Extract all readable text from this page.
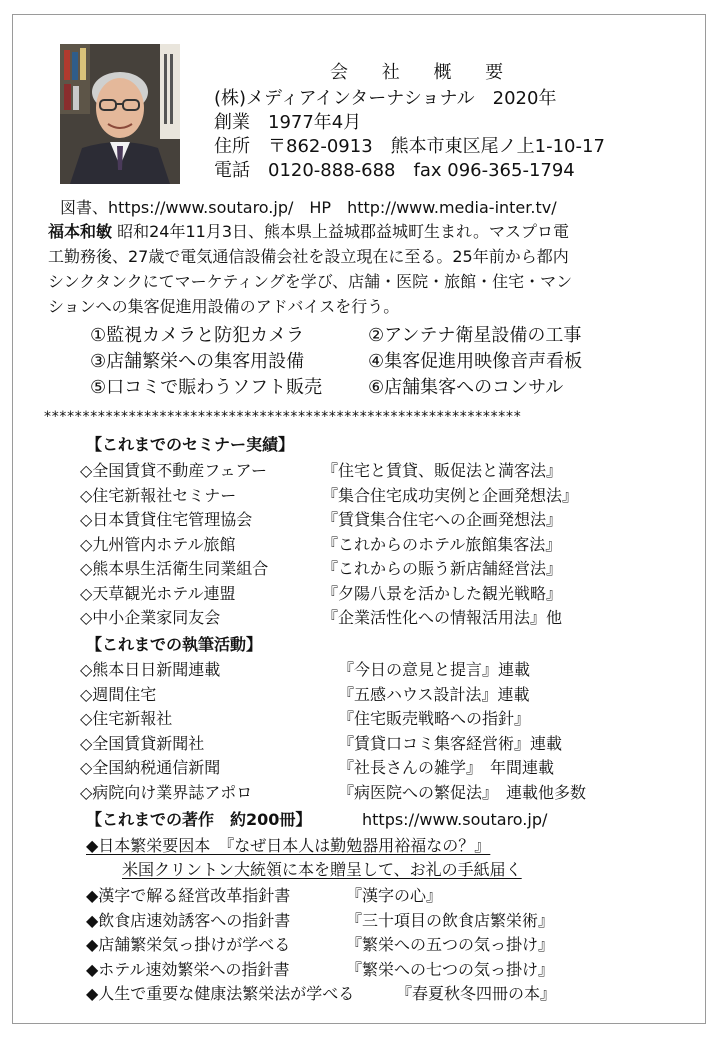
会 社 概 要
(株)メディアインターナショナル　2020年
創業　1977年4月
住所　〒862-0913　熊本市東区尾ノ上1-10-17
電話　0120-888-688　fax 096-365-1794
図書、https://www.soutaro.jp/　HP　http://www.media-inter.tv/
福本和敏 昭和24年11月3日、熊本県上益城郡益城町生まれ。マスプロ電
工勤務後、27歳で電気通信設備会社を設立現在に至る。25年前から都内
シンクタンクにてマーケティングを学び、店舗・医院・旅館・住宅・マン
ションへの集客促進用設備のアドバイスを行う。
①監視カメラと防犯カメラ	②アンテナ衛星設備の工事
③店舗繁栄への集客用設備	④集客促進用映像音声看板
⑤口コミで賑わうソフト販売	⑥店舗集客へのコンサル
**************************************************************
【これまでのセミナー実績】
◇全国賃貸不動産フェアー	『住宅と賃貸、販促法と満客法』
◇住宅新報社セミナー	『集合住宅成功実例と企画発想法』
◇日本賃貸住宅管理協会	『賃貸集合住宅への企画発想法』
◇九州管内ホテル旅館	『これからのホテル旅館集客法』
◇熊本県生活衛生同業組合	『これからの賑う新店舗経営法』
◇天草観光ホテル連盟	『夕陽八景を活かした観光戦略』
◇中小企業家同友会	『企業活性化への情報活用法』他
【これまでの執筆活動】
◇熊本日日新聞連載	『今日の意見と提言』連載
◇週間住宅	『五感ハウス設計法』連載
◇住宅新報社	『住宅販売戦略への指針』
◇全国賃貸新聞社	『賃貸口コミ集客経営術』連載
◇全国納税通信新聞	『社長さんの雑学』　年間連載
◇病院向け業界誌アポロ	『病医院への繁促法』　連載他多数
【これまでの著作　約200冊】	https://www.soutaro.jp/
◆日本繁栄要因本　『なぜ日本人は勤勉器用裕福なの？』
米国クリントン大統領に本を贈呈して、お礼の手紙届く
◆漢字で解る経営改革指針書	『漢字の心』
◆飲食店速効誘客への指針書	『三十項目の飲食店繁栄術』
◆店舗繁栄気っ掛けが学べる	『繁栄への五つの気っ掛け』
◆ホテル速効繁栄への指針書	『繁栄への七つの気っ掛け』
◆人生で重要な健康法繁栄法が学べる	『春夏秋冬四冊の本』
